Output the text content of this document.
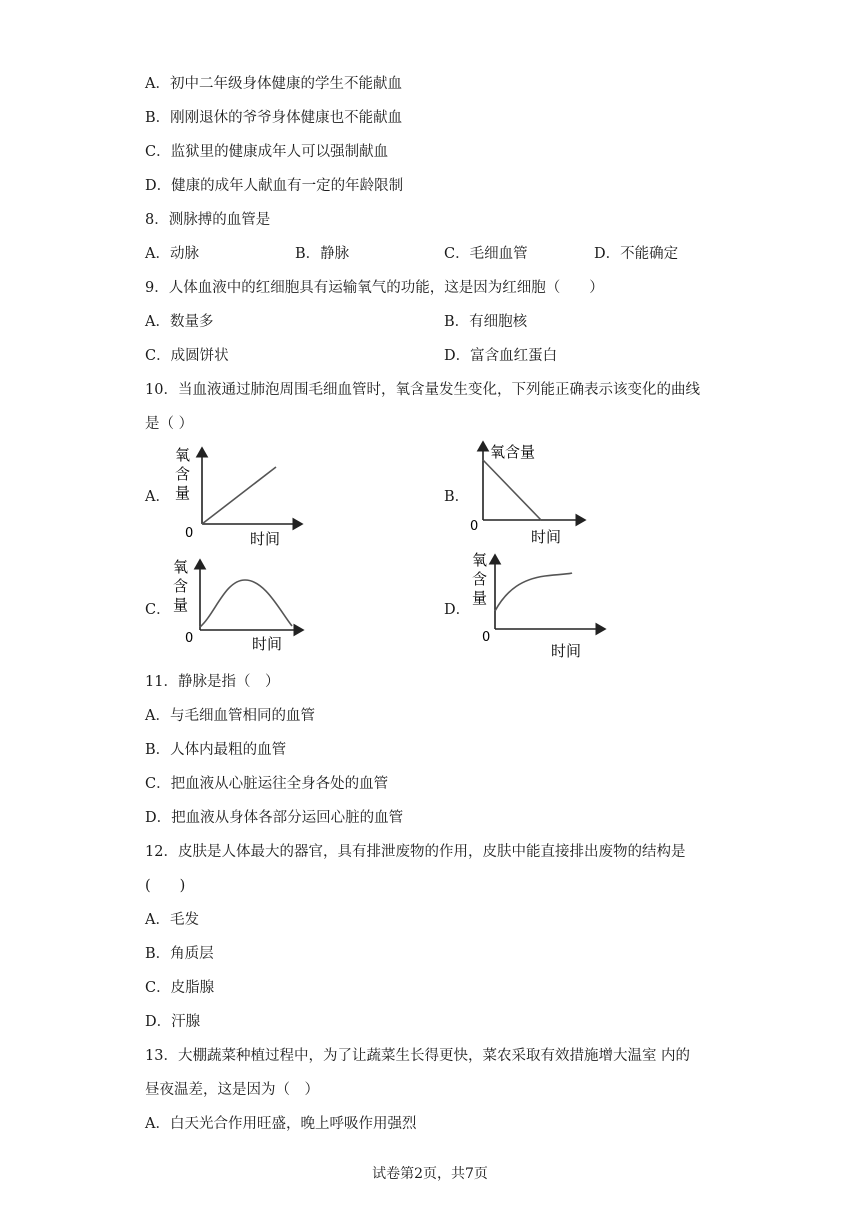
A．初中二年级身体健康的学生不能献血
B．刚刚退休的爷爷身体健康也不能献血
C．监狱里的健康成年人可以强制献血
D．健康的成年人献血有一定的年龄限制
8．测脉搏的血管是
A．动脉	B．静脉	C．毛细血管	D．不能确定
9．人体血液中的红细胞具有运输氧气的功能，这是因为红细胞（　　）
A．数量多	B．有细胞核
C．成圆饼状	D．富含血红蛋白
10．当血液通过肺泡周围毛细血管时，氧含量发生变化，下列能正确表示该变化的曲线
是（ ）
A．	B．
C．	D．
氧
含
量
0	时间
氧含量
0
时间
氧
含
量
0	时间
氧
含
量
0
时间
11．静脉是指（　）
A．与毛细血管相同的血管
B．人体内最粗的血管
C．把血液从心脏运往全身各处的血管
D．把血液从身体各部分运回心脏的血管
12．皮肤是人体最大的器官，具有排泄废物的作用，皮肤中能直接排出废物的结构是
(　　)
A．毛发
B．角质层
C．皮脂腺
D．汗腺
13．大棚蔬菜种植过程中，为了让蔬菜生长得更快，菜农采取有效措施增大温室 内的
昼夜温差，这是因为（　）
A．白天光合作用旺盛，晚上呼吸作用强烈
试卷第2页，共7页
